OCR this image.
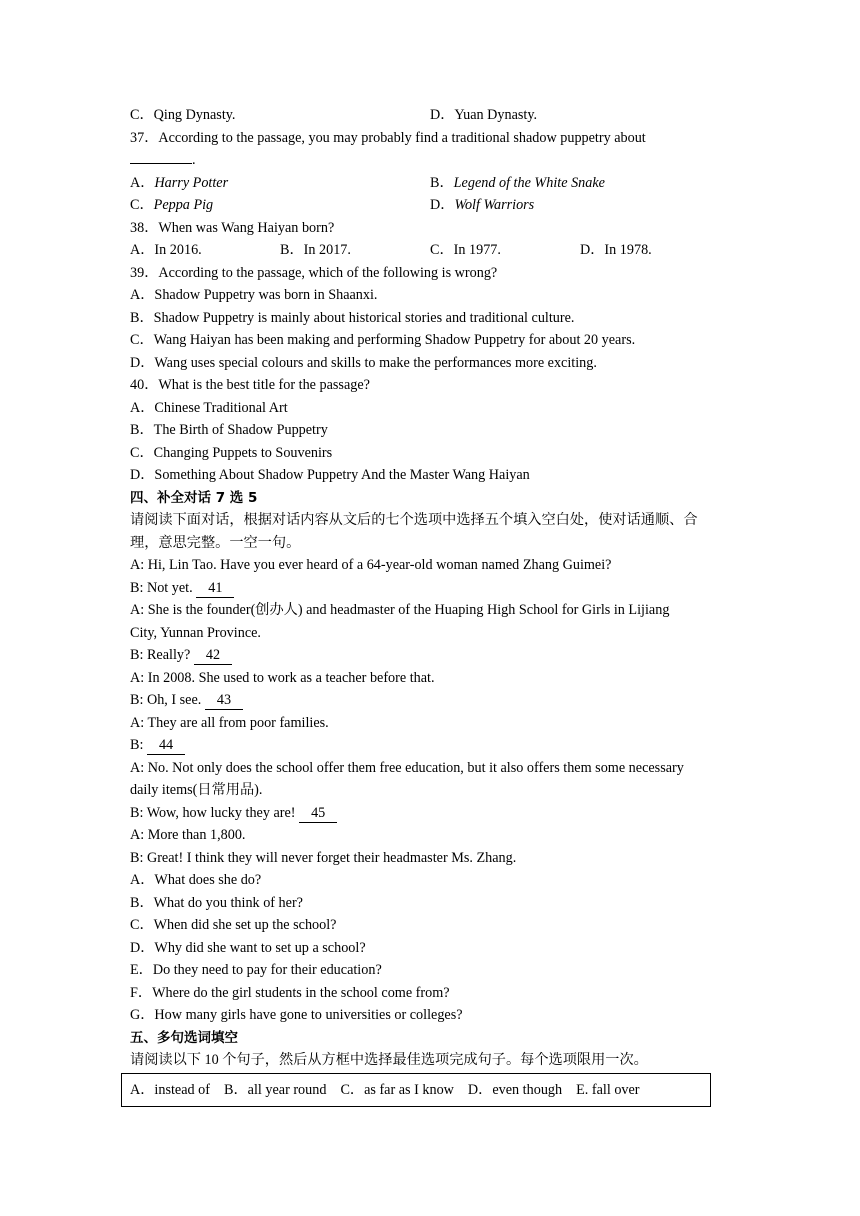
C．Qing Dynasty.	D．Yuan Dynasty.
37．According to the passage, you may probably find a traditional shadow puppetry about
.
A．Harry Potter	B．Legend of the White Snake
C．Peppa Pig	D．Wolf Warriors
38．When was Wang Haiyan born?
A．In 2016.	B．In 2017.	C．In 1977.	D．In 1978.
39．According to the passage, which of the following is wrong?
A．Shadow Puppetry was born in Shaanxi.
B．Shadow Puppetry is mainly about historical stories and traditional culture.
C．Wang Haiyan has been making and performing Shadow Puppetry for about 20 years.
D．Wang uses special colours and skills to make the performances more exciting.
40．What is the best title for the passage?
A．Chinese Traditional Art
B．The Birth of Shadow Puppetry
C．Changing Puppets to Souvenirs
D．Something About Shadow Puppetry And the Master Wang Haiyan
四、补全对话 7 选 5
请阅读下面对话，根据对话内容从文后的七个选项中选择五个填入空白处，使对话通顺、合
理，意思完整。一空一句。
A: Hi, Lin Tao. Have you ever heard of a 64-year-old woman named Zhang Guimei?
B: Not yet. 41
A: She is the founder(创办人) and headmaster of the Huaping High School for Girls in Lijiang
City, Yunnan Province.
B: Really? 42
A: In 2008. She used to work as a teacher before that.
B: Oh, I see. 43
A: They are all from poor families.
B: 44
A: No. Not only does the school offer them free education, but it also offers them some necessary
daily items(日常用品).
B: Wow, how lucky they are! 45
A: More than 1,800.
B: Great! I think they will never forget their headmaster Ms. Zhang.
A．What does she do?
B．What do you think of her?
C．When did she set up the school?
D．Why did she want to set up a school?
E．Do they need to pay for their education?
F．Where do the girl students in the school come from?
G．How many girls have gone to universities or colleges?
五、多句选词填空
请阅读以下 10 个句子，然后从方框中选择最佳选项完成句子。每个选项限用一次。
A．instead of B．all year round C．as far as I know D．even though E. fall over
